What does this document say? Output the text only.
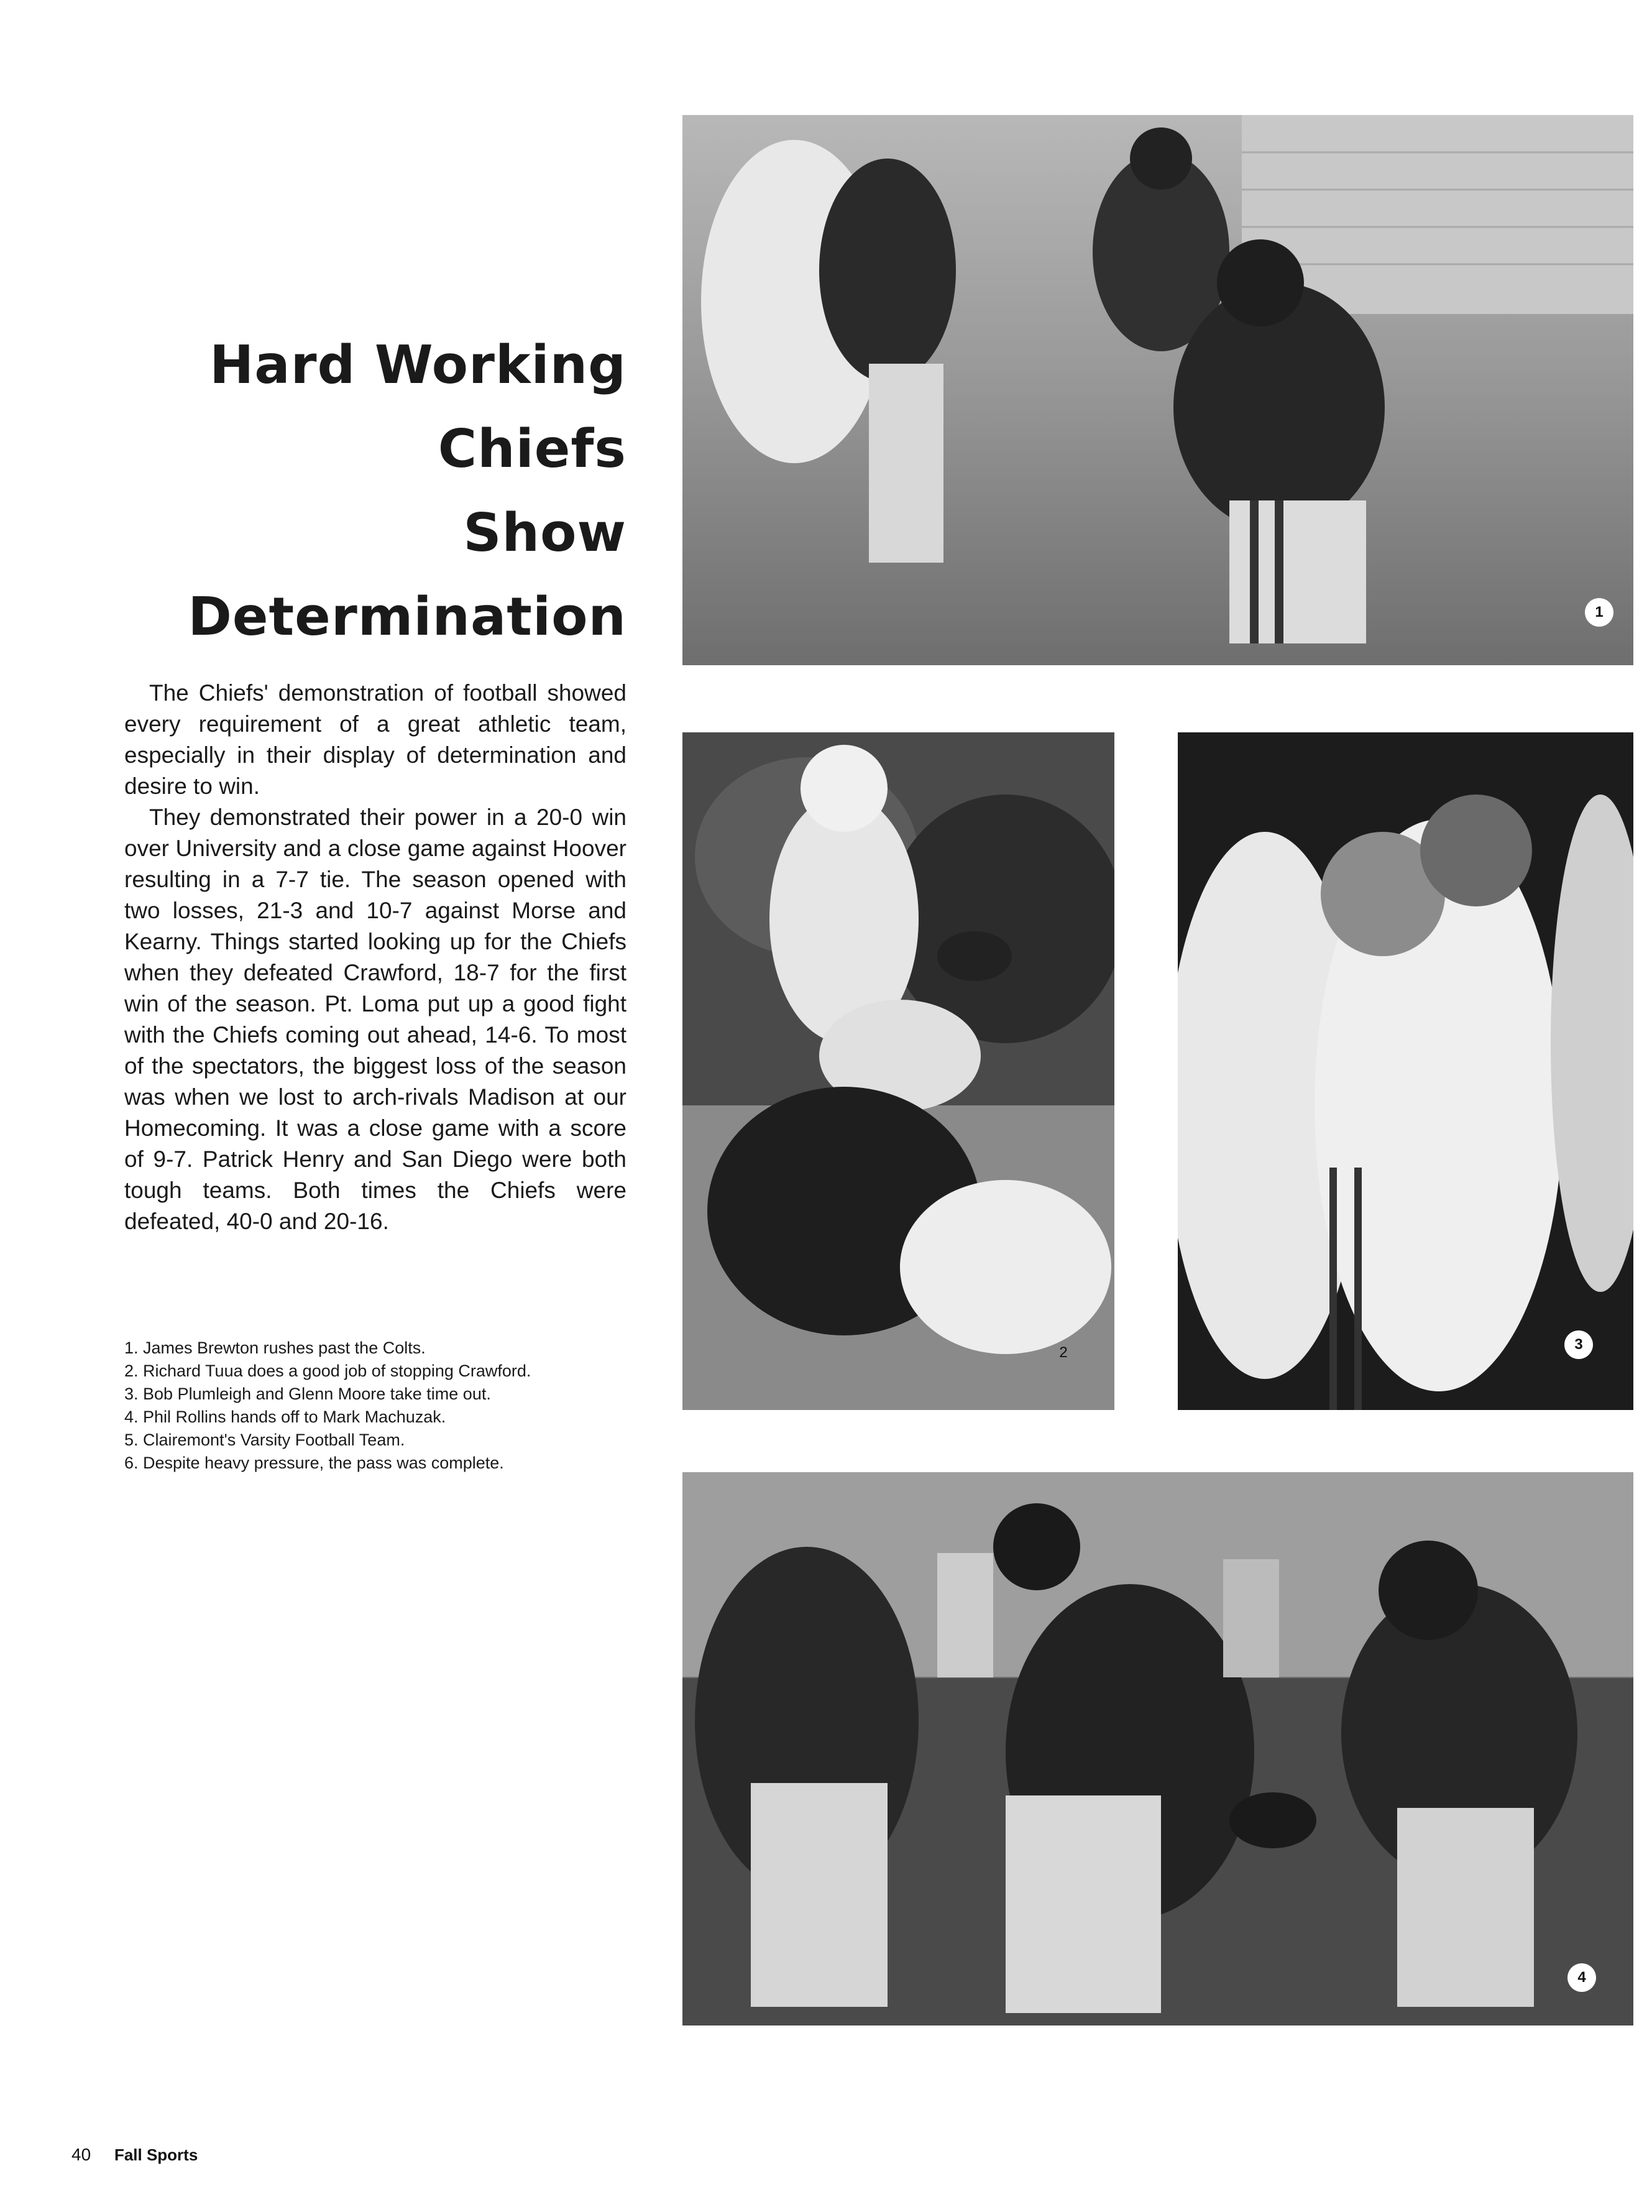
Hard Working
Chiefs
Show
Determination

The Chiefs' demonstration of football showed every requirement of a great athletic team, especially in their display of determination and desire to win.

They demonstrated their power in a 20-0 win over University and a close game against Hoover resulting in a 7-7 tie. The season opened with two losses, 21-3 and 10-7 against Morse and Kearny. Things started looking up for the Chiefs when they defeated Crawford, 18-7 for the first win of the season. Pt. Loma put up a good fight with the Chiefs coming out ahead, 14-6. To most of the spectators, the biggest loss of the season was when we lost to arch-rivals Madison at our Homecoming. It was a close game with a score of 9-7. Patrick Henry and San Diego were both tough teams. Both times the Chiefs were defeated, 40-0 and 20-16.

1. James Brewton rushes past the Colts.
2. Richard Tuua does a good job of stopping Crawford.
3. Bob Plumleigh and Glenn Moore take time out.
4. Phil Rollins hands off to Mark Machuzak.
5. Clairemont's Varsity Football Team.
6. Despite heavy pressure, the pass was complete.
1
2	3
4
40 Fall Sports
